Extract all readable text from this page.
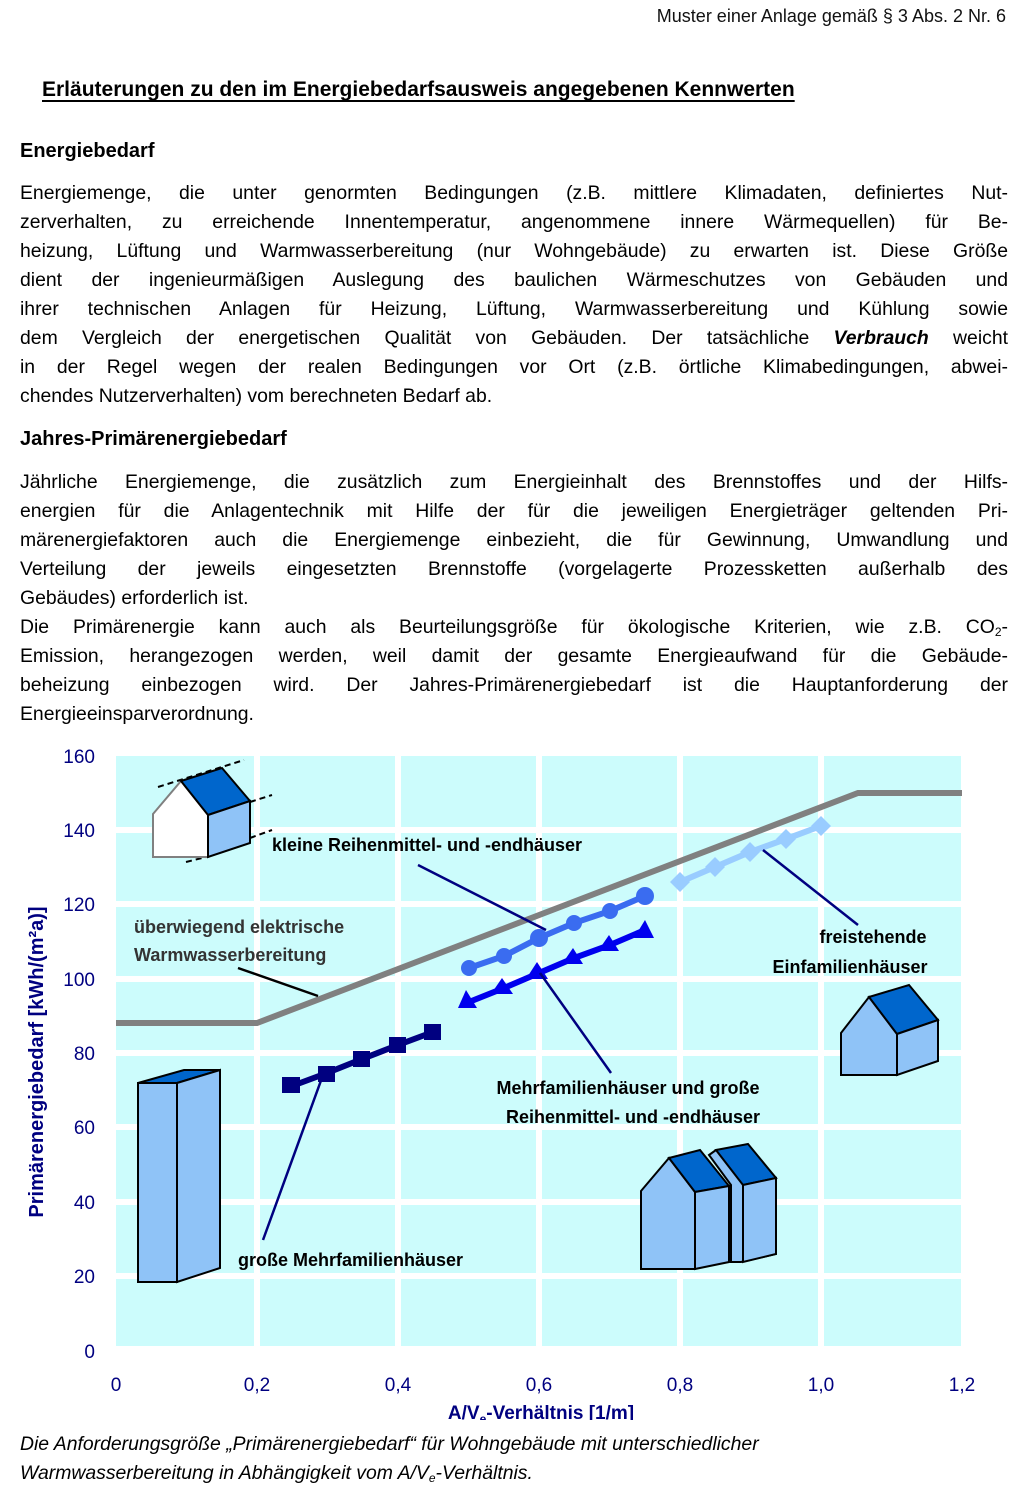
Muster einer Anlage gemäß § 3 Abs. 2 Nr. 6
Erläuterungen zu den im Energiebedarfsausweis angegebenen Kennwerten
Energiebedarf
Energiemenge, die unter genormten Bedingungen (z.B. mittlere Klimadaten, definiertes Nut-
zerverhalten, zu erreichende Innentemperatur, angenommene innere Wärmequellen) für Be-
heizung, Lüftung und Warmwasserbereitung (nur Wohngebäude) zu erwarten ist. Diese Größe
dient der ingenieurmäßigen Auslegung des baulichen Wärmeschutzes von Gebäuden und
ihrer technischen Anlagen für Heizung, Lüftung, Warmwasserbereitung und Kühlung sowie
dem Vergleich der energetischen Qualität von Gebäuden. Der tatsächliche Verbrauch weicht
in der Regel wegen der realen Bedingungen vor Ort (z.B. örtliche Klimabedingungen, abwei-
chendes Nutzerverhalten) vom berechneten Bedarf ab.
Jahres-Primärenergiebedarf
Jährliche Energiemenge, die zusätzlich zum Energieinhalt des Brennstoffes und der Hilfs-
energien für die Anlagentechnik mit Hilfe der für die jeweiligen Energieträger geltenden Pri-
märenergiefaktoren auch die Energiemenge einbezieht, die für Gewinnung, Umwandlung und
Verteilung der jeweils eingesetzten Brennstoffe (vorgelagerte Prozessketten außerhalb des
Gebäudes) erforderlich ist.
Die Primärenergie kann auch als Beurteilungsgröße für ökologische Kriterien, wie z.B. $CO_2-$
Emission, herangezogen werden, weil damit der gesamte Energieaufwand für die Gebäude-
beheizung einbezogen wird. Der Jahres-Primärenergiebedarf ist die Hauptanforderung der
Energieeinsparverordnung.
0
20
40
60
80
100
120
140
160
0	0,2	0,4	0,6	0,8	1,0	1,2
$A/V_e$-Verhältnis [1/m]
Primärenergiebedarf [kWh/(m²a)]
kleine Reihenmittel- und -endhäuser
überwiegend elektrische
Warmwasserbereitung
freistehende
Einfamilienhäuser
Mehrfamilienhäuser und große
Reihenmittel- und -endhäuser
große Mehrfamilienhäuser
Die Anforderungsgröße „Primärenergiebedarf“ für Wohngebäude mit unterschiedlicher
Warmwasserbereitung in Abhängigkeit vom $A/V_e$-Verhältnis.
